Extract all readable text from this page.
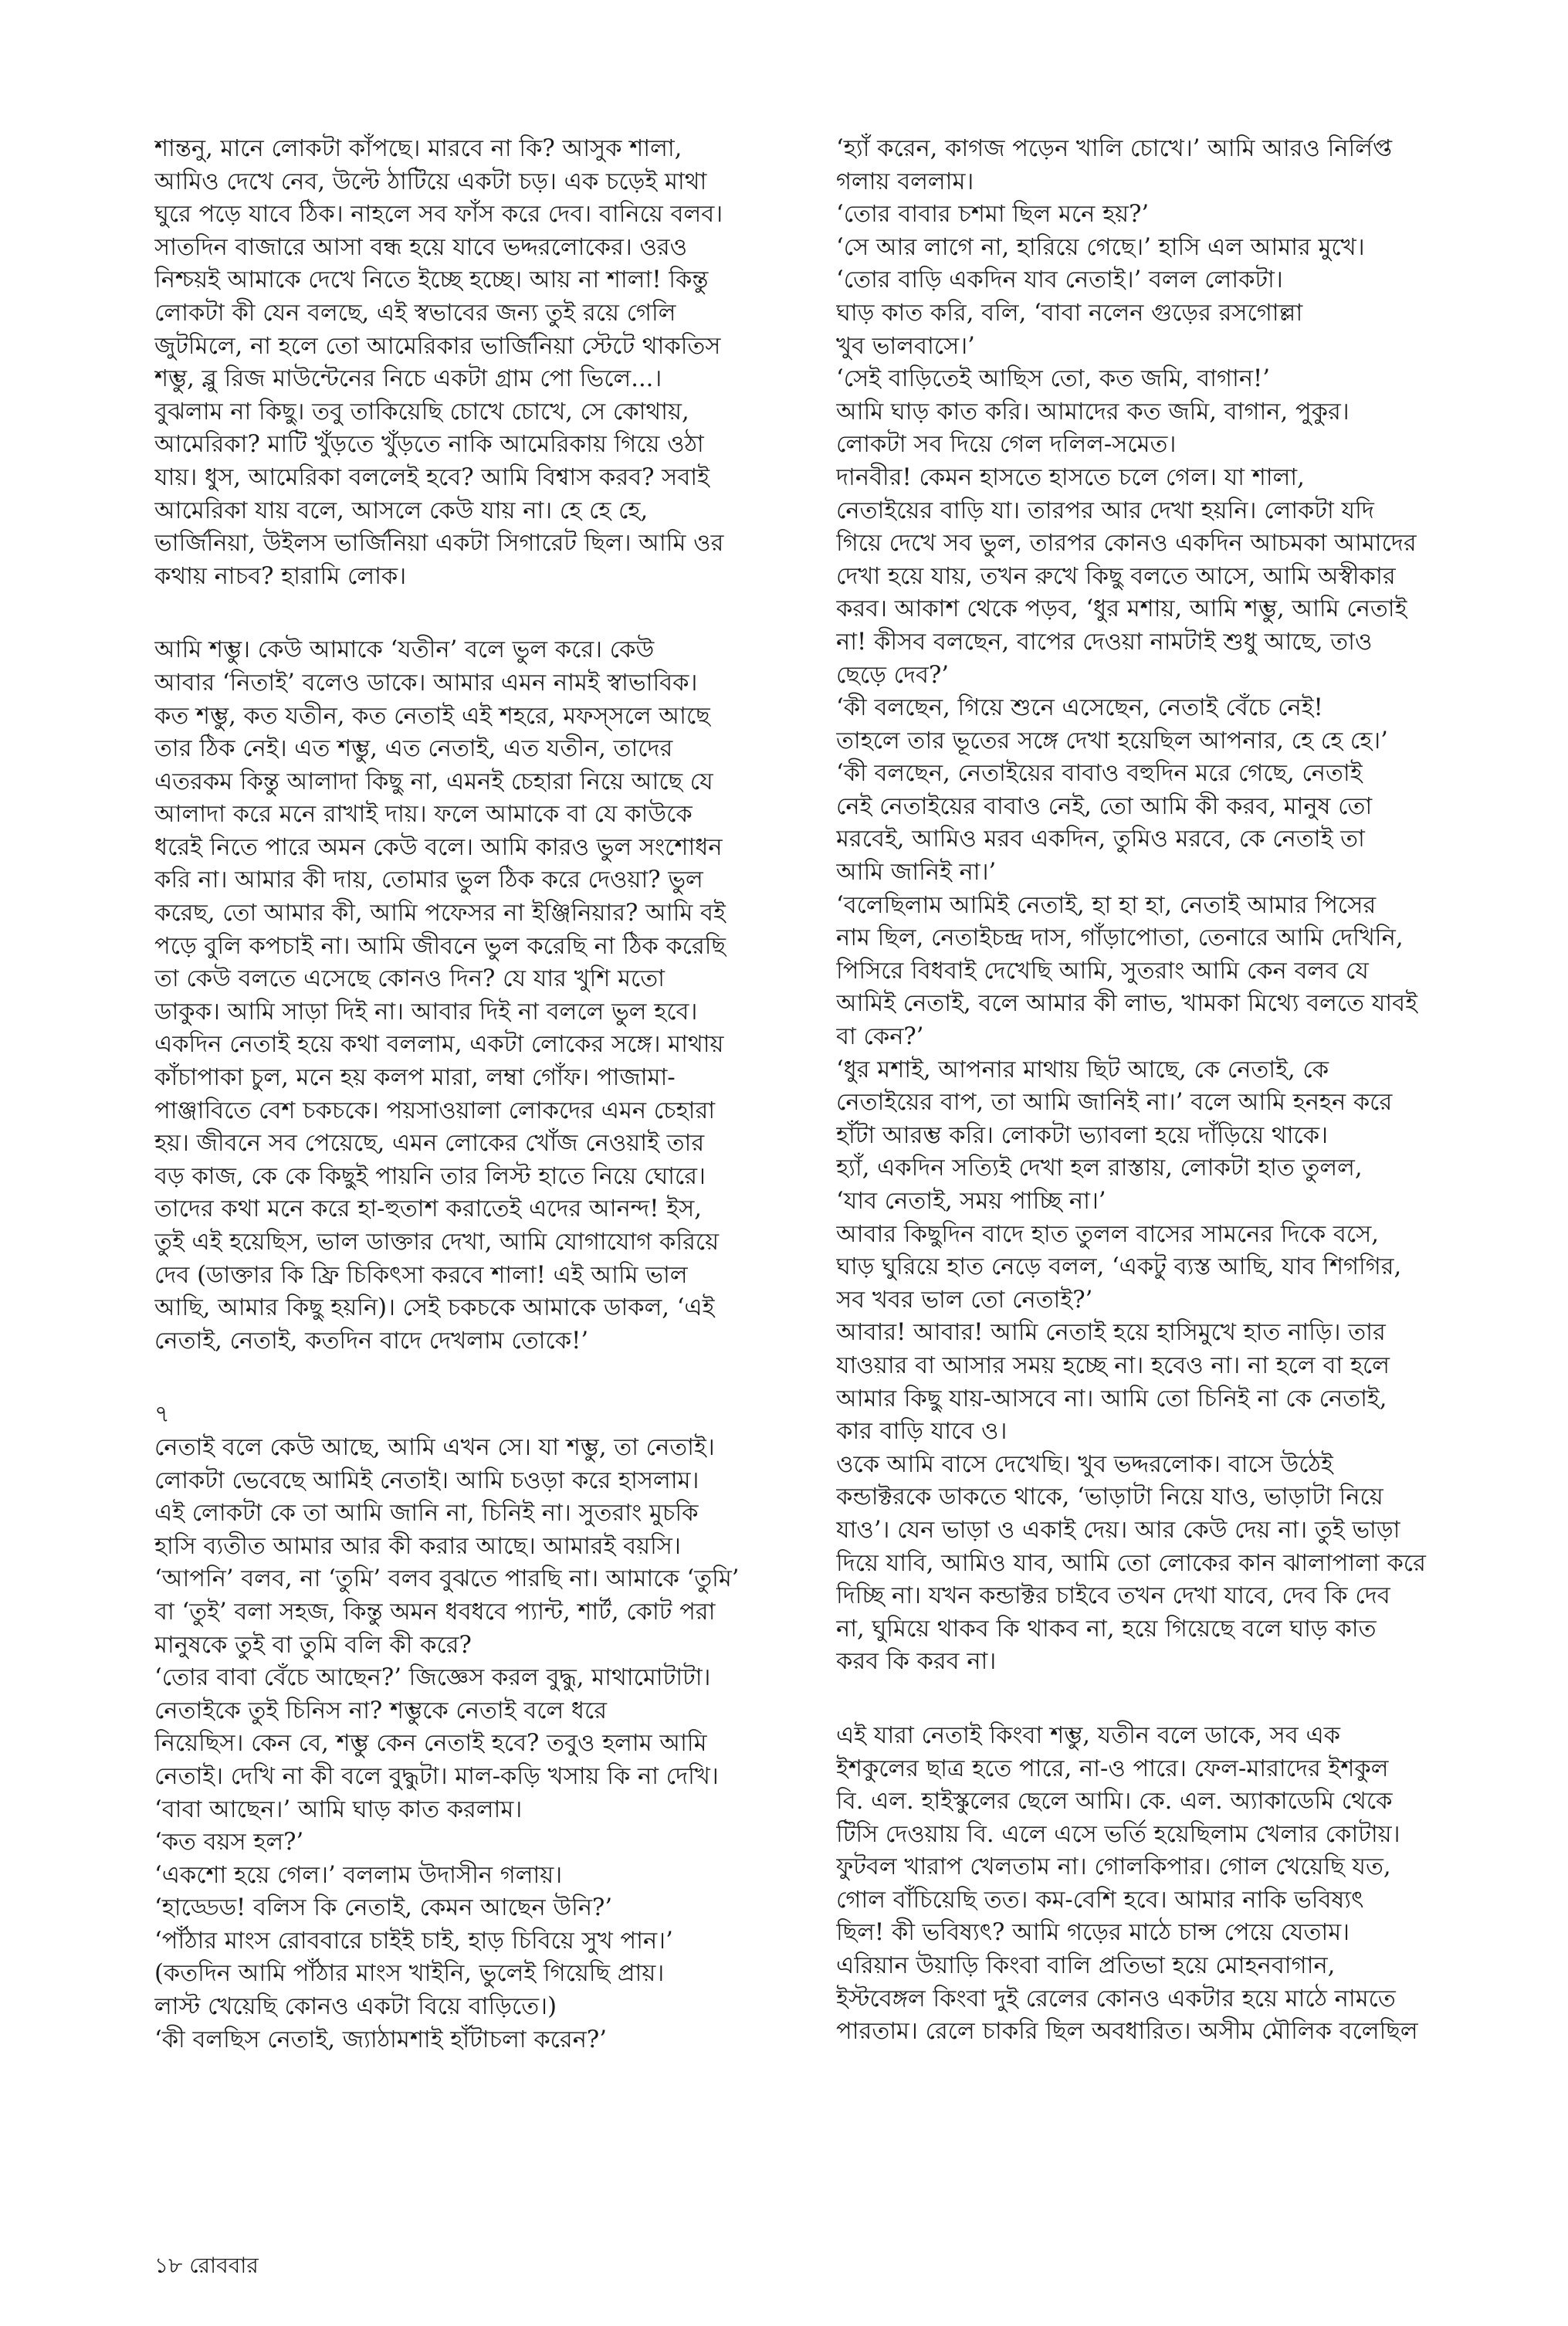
শান্তনু, মানে লোকটা কাঁপছে। মারবে না কি? আসুক শালা,
আমিও দেখে নেব, উল্টে ঠাটিয়ে একটা চড়। এক চড়েই মাথা
ঘুরে পড়ে যাবে ঠিক। নাহলে সব ফাঁস করে দেব। বানিয়ে বলব।
সাতদিন বাজারে আসা বন্ধ হয়ে যাবে ভদ্দরলোকের। ওরও
নিশ্চয়ই আমাকে দেখে নিতে ইচ্ছে হচ্ছে। আয় না শালা! কিন্তু
লোকটা কী যেন বলছে, এই স্বভাবের জন্য তুই রয়ে গেলি
জুটমিলে, না হলে তো আমেরিকার ভার্জিনিয়া স্টেটে থাকতিস
শম্ভু, ব্লু রিজ মাউন্টেনের নিচে একটা গ্রাম পো ভিলে...।
বুঝলাম না কিছু। তবু তাকিয়েছি চোখে চোখে, সে কোথায়,
আমেরিকা? মাটি খুঁড়তে খুঁড়তে নাকি আমেরিকায় গিয়ে ওঠা
যায়। ধুস, আমেরিকা বললেই হবে? আমি বিশ্বাস করব? সবাই
আমেরিকা যায় বলে, আসলে কেউ যায় না। হে হে হে,
ভার্জিনিয়া, উইলস ভার্জিনিয়া একটা সিগারেট ছিল। আমি ওর
কথায় নাচব? হারামি লোক।
আমি শম্ভু। কেউ আমাকে ‘যতীন’ বলে ভুল করে। কেউ
আবার ‘নিতাই’ বলেও ডাকে। আমার এমন নামই স্বাভাবিক।
কত শম্ভু, কত যতীন, কত নেতাই এই শহরে, মফস্সলে আছে
তার ঠিক নেই। এত শম্ভু, এত নেতাই, এত যতীন, তাদের
এতরকম কিন্তু আলাদা কিছু না, এমনই চেহারা নিয়ে আছে যে
আলাদা করে মনে রাখাই দায়। ফলে আমাকে বা যে কাউকে
ধরেই নিতে পারে অমন কেউ বলে। আমি কারও ভুল সংশোধন
করি না। আমার কী দায়, তোমার ভুল ঠিক করে দেওয়া? ভুল
করেছ, তো আমার কী, আমি পফেসর না ইঞ্জিনিয়ার? আমি বই
পড়ে বুলি কপচাই না। আমি জীবনে ভুল করেছি না ঠিক করেছি
তা কেউ বলতে এসেছে কোনও দিন? যে যার খুশি মতো
ডাকুক। আমি সাড়া দিই না। আবার দিই না বললে ভুল হবে।
একদিন নেতাই হয়ে কথা বললাম, একটা লোকের সঙ্গে। মাথায়
কাঁচাপাকা চুল, মনে হয় কলপ মারা, লম্বা গোঁফ। পাজামা-
পাঞ্জাবিতে বেশ চকচকে। পয়সাওয়ালা লোকদের এমন চেহারা
হয়। জীবনে সব পেয়েছে, এমন লোকের খোঁজ নেওয়াই তার
বড় কাজ, কে কে কিছুই পায়নি তার লিস্ট হাতে নিয়ে ঘোরে।
তাদের কথা মনে করে হা-হুতাশ করাতেই এদের আনন্দ! ইস,
তুই এই হয়েছিস, ভাল ডাক্তার দেখা, আমি যোগাযোগ করিয়ে
দেব (ডাক্তার কি ফ্রি চিকিৎসা করবে শালা! এই আমি ভাল
আছি, আমার কিছু হয়নি)। সেই চকচকে আমাকে ডাকল, ‘এই
নেতাই, নেতাই, কতদিন বাদে দেখলাম তোকে!’
৭
নেতাই বলে কেউ আছে, আমি এখন সে। যা শম্ভু, তা নেতাই।
লোকটা ভেবেছে আমিই নেতাই। আমি চওড়া করে হাসলাম।
এই লোকটা কে তা আমি জানি না, চিনিই না। সুতরাং মুচকি
হাসি ব্যতীত আমার আর কী করার আছে। আমারই বয়সি।
‘আপনি’ বলব, না ‘তুমি’ বলব বুঝতে পারছি না। আমাকে ‘তুমি’
বা ‘তুই’ বলা সহজ, কিন্তু অমন ধবধবে প্যান্ট, শার্ট, কোট পরা
মানুষকে তুই বা তুমি বলি কী করে?
‘তোর বাবা বেঁচে আছেন?’ জিজ্ঞেস করল বুদ্ধু, মাথামোটাটা।
নেতাইকে তুই চিনিস না? শম্ভুকে নেতাই বলে ধরে
নিয়েছিস। কেন বে, শম্ভু কেন নেতাই হবে? তবুও হলাম আমি
নেতাই। দেখি না কী বলে বুদ্ধুটা। মাল-কড়ি খসায় কি না দেখি।
‘বাবা আছেন।’ আমি ঘাড় কাত করলাম।
‘কত বয়স হল?’
‘একশো হয়ে গেল।’ বললাম উদাসীন গলায়।
‘হাড্ডেড! বলিস কি নেতাই, কেমন আছেন উনি?’
‘পাঁঠার মাংস রোববারে চাইই চাই, হাড় চিবিয়ে সুখ পান।’
(কতদিন আমি পাঁঠার মাংস খাইনি, ভুলেই গিয়েছি প্রায়।
লাস্ট খেয়েছি কোনও একটা বিয়ে বাড়িতে।)
‘কী বলছিস নেতাই, জ্যাঠামশাই হাঁটাচলা করেন?’
‘হ্যাঁ করেন, কাগজ পড়েন খালি চোখে।’ আমি আরও নির্লিপ্ত
গলায় বললাম।
‘তোর বাবার চশমা ছিল মনে হয়?’
‘সে আর লাগে না, হারিয়ে গেছে।’ হাসি এল আমার মুখে।
‘তোর বাড়ি একদিন যাব নেতাই।’ বলল লোকটা।
ঘাড় কাত করি, বলি, ‘বাবা নলেন গুড়ের রসগোল্লা
খুব ভালবাসে।’
‘সেই বাড়িতেই আছিস তো, কত জমি, বাগান!’
আমি ঘাড় কাত করি। আমাদের কত জমি, বাগান, পুকুর।
লোকটা সব দিয়ে গেল দলিল-সমেত।
দানবীর! কেমন হাসতে হাসতে চলে গেল। যা শালা,
নেতাইয়ের বাড়ি যা। তারপর আর দেখা হয়নি। লোকটা যদি
গিয়ে দেখে সব ভুল, তারপর কোনও একদিন আচমকা আমাদের
দেখা হয়ে যায়, তখন রুখে কিছু বলতে আসে, আমি অস্বীকার
করব। আকাশ থেকে পড়ব, ‘ধুর মশায়, আমি শম্ভু, আমি নেতাই
না! কীসব বলছেন, বাপের দেওয়া নামটাই শুধু আছে, তাও
ছেড়ে দেব?’
‘কী বলছেন, গিয়ে শুনে এসেছেন, নেতাই বেঁচে নেই!
তাহলে তার ভূতের সঙ্গে দেখা হয়েছিল আপনার, হে হে হে।’
‘কী বলছেন, নেতাইয়ের বাবাও বহুদিন মরে গেছে, নেতাই
নেই নেতাইয়ের বাবাও নেই, তো আমি কী করব, মানুষ তো
মরবেই, আমিও মরব একদিন, তুমিও মরবে, কে নেতাই তা
আমি জানিই না।’
‘বলেছিলাম আমিই নেতাই, হা হা হা, নেতাই আমার পিসের
নাম ছিল, নেতাইচন্দ্র দাস, গাঁড়াপোতা, তেনারে আমি দেখিনি,
পিসিরে বিধবাই দেখেছি আমি, সুতরাং আমি কেন বলব যে
আমিই নেতাই, বলে আমার কী লাভ, খামকা মিথ্যে বলতে যাবই
বা কেন?’
‘ধুর মশাই, আপনার মাথায় ছিট আছে, কে নেতাই, কে
নেতাইয়ের বাপ, তা আমি জানিই না।’ বলে আমি হনহন করে
হাঁটা আরম্ভ করি। লোকটা ভ্যাবলা হয়ে দাঁড়িয়ে থাকে।
হ্যাঁ, একদিন সত্যিই দেখা হল রাস্তায়, লোকটা হাত তুলল,
‘যাব নেতাই, সময় পাচ্ছি না।’
আবার কিছুদিন বাদে হাত তুলল বাসের সামনের দিকে বসে,
ঘাড় ঘুরিয়ে হাত নেড়ে বলল, ‘একটু ব্যস্ত আছি, যাব শিগগির,
সব খবর ভাল তো নেতাই?’
আবার! আবার! আমি নেতাই হয়ে হাসিমুখে হাত নাড়ি। তার
যাওয়ার বা আসার সময় হচ্ছে না। হবেও না। না হলে বা হলে
আমার কিছু যায়-আসবে না। আমি তো চিনিই না কে নেতাই,
কার বাড়ি যাবে ও।
ওকে আমি বাসে দেখেছি। খুব ভদ্দরলোক। বাসে উঠেই
কন্ডাক্টরকে ডাকতে থাকে, ‘ভাড়াটা নিয়ে যাও, ভাড়াটা নিয়ে
যাও’। যেন ভাড়া ও একাই দেয়। আর কেউ দেয় না। তুই ভাড়া
দিয়ে যাবি, আমিও যাব, আমি তো লোকের কান ঝালাপালা করে
দিচ্ছি না। যখন কন্ডাক্টর চাইবে তখন দেখা যাবে, দেব কি দেব
না, ঘুমিয়ে থাকব কি থাকব না, হয়ে গিয়েছে বলে ঘাড় কাত
করব কি করব না।
এই যারা নেতাই কিংবা শম্ভু, যতীন বলে ডাকে, সব এক
ইশকুলের ছাত্র হতে পারে, না-ও পারে। ফেল-মারাদের ইশকুল
বি. এল. হাইস্কুলের ছেলে আমি। কে. এল. অ্যাকাডেমি থেকে
টিসি দেওয়ায় বি. এলে এসে ভর্তি হয়েছিলাম খেলার কোটায়।
ফুটবল খারাপ খেলতাম না। গোলকিপার। গোল খেয়েছি যত,
গোল বাঁচিয়েছি তত। কম-বেশি হবে। আমার নাকি ভবিষ্যৎ
ছিল! কী ভবিষ্যৎ? আমি গড়ের মাঠে চান্স পেয়ে যেতাম।
এরিয়ান উয়াড়ি কিংবা বালি প্রতিভা হয়ে মোহনবাগান,
ইস্টবেঙ্গল কিংবা দুই রেলের কোনও একটার হয়ে মাঠে নামতে
পারতাম। রেলে চাকরি ছিল অবধারিত। অসীম মৌলিক বলেছিল
১৮ রোববার
